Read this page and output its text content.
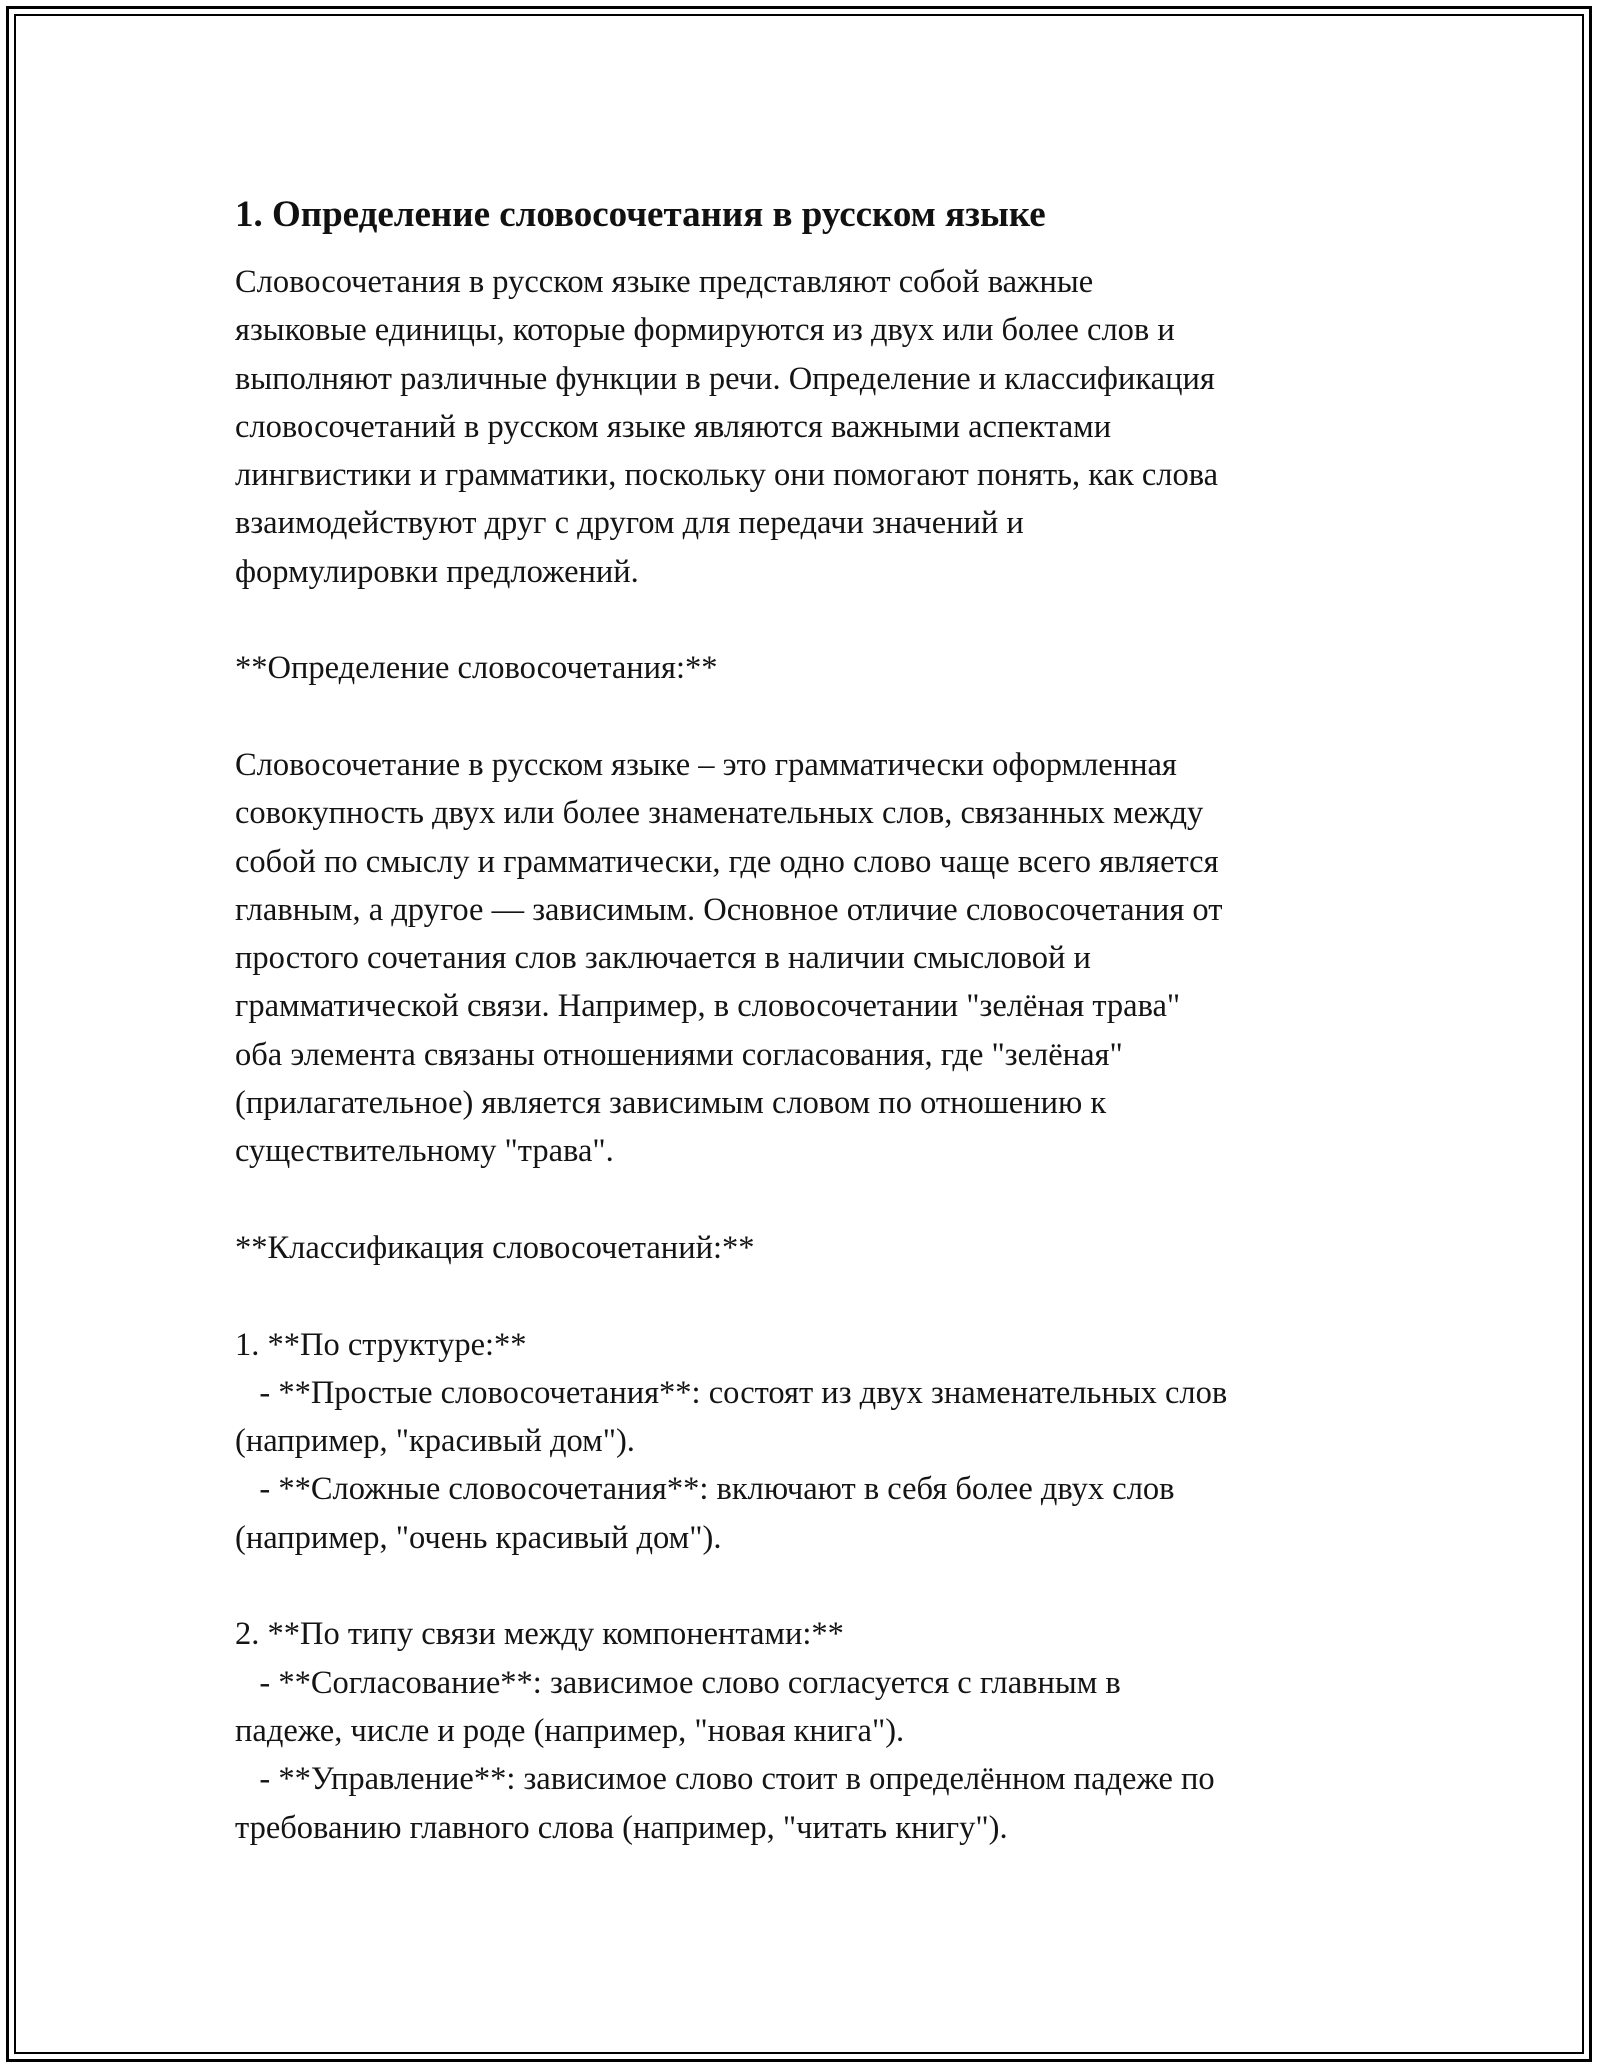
1. Определение словосочетания в русском языке

Словосочетания в русском языке представляют собой важные
языковые единицы, которые формируются из двух или более слов и
выполняют различные функции в речи. Определение и классификация
словосочетаний в русском языке являются важными аспектами
лингвистики и грамматики, поскольку они помогают понять, как слова
взаимодействуют друг с другом для передачи значений и
формулировки предложений.

**Определение словосочетания:**

Словосочетание в русском языке – это грамматически оформленная
совокупность двух или более знаменательных слов, связанных между
собой по смыслу и грамматически, где одно слово чаще всего является
главным, а другое — зависимым. Основное отличие словосочетания от
простого сочетания слов заключается в наличии смысловой и
грамматической связи. Например, в словосочетании "зелёная трава"
оба элемента связаны отношениями согласования, где "зелёная"
(прилагательное) является зависимым словом по отношению к
существительному "трава".

**Классификация словосочетаний:**

1. **По структуре:**
- **Простые словосочетания**: состоят из двух знаменательных слов
(например, "красивый дом").
- **Сложные словосочетания**: включают в себя более двух слов
(например, "очень красивый дом").

2. **По типу связи между компонентами:**
- **Согласование**: зависимое слово согласуется с главным в
падеже, числе и роде (например, "новая книга").
- **Управление**: зависимое слово стоит в определённом падеже по
требованию главного слова (например, "читать книгу").
